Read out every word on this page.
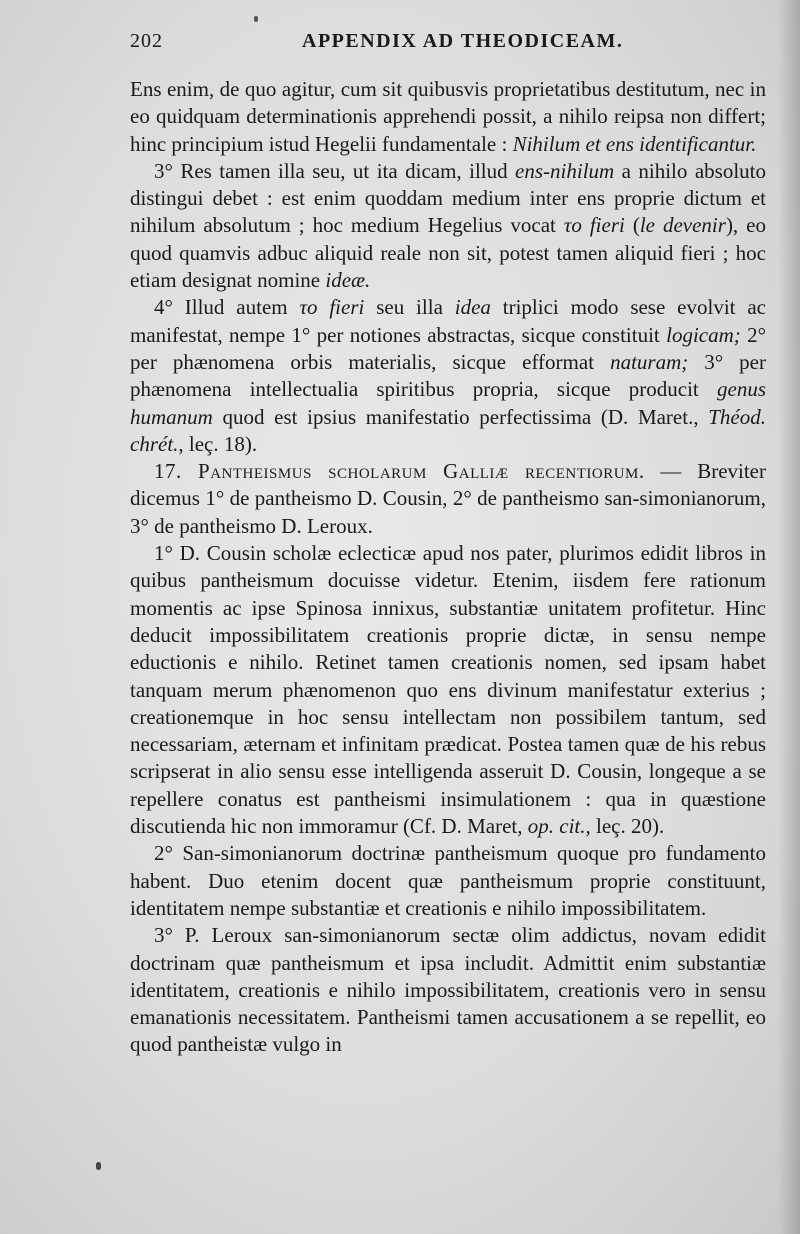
202	APPENDIX AD THEODICEAM.

Ens enim, de quo agitur, cum sit quibusvis proprietatibus destitutum, nec in eo quidquam determinationis apprehendi possit, a nihilo reipsa non differt; hinc principium istud Hegelii fundamentale : Nihilum et ens identificantur.

3° Res tamen illa seu, ut ita dicam, illud ens-nihilum a nihilo absoluto distingui debet : est enim quoddam medium inter ens proprie dictum et nihilum absolutum ; hoc medium Hegelius vocat το fieri (le devenir), eo quod quamvis adbuc aliquid reale non sit, potest tamen aliquid fieri ; hoc etiam designat nomine ideæ.

4° Illud autem το fieri seu illa idea triplici modo sese evolvit ac manifestat, nempe 1° per notiones abstractas, sicque constituit logicam; 2° per phænomena orbis materialis, sicque efformat naturam; 3° per phænomena intellectualia spiritibus propria, sicque producit genus humanum quod est ipsius manifestatio perfectissima (D. Maret., Théod. chrét., leç. 18).

17. Pantheismus scholarum Galliæ recentiorum. — Breviter dicemus 1° de pantheismo D. Cousin, 2° de pantheismo san-simonianorum, 3° de pantheismo D. Leroux.

1° D. Cousin scholæ eclecticæ apud nos pater, plurimos edidit libros in quibus pantheismum docuisse videtur. Etenim, iisdem fere rationum momentis ac ipse Spinosa innixus, substantiæ unitatem profitetur. Hinc deducit impossibilitatem creationis proprie dictæ, in sensu nempe eductionis e nihilo. Retinet tamen creationis nomen, sed ipsam habet tanquam merum phænomenon quo ens divinum manifestatur exterius ; creationemque in hoc sensu intellectam non possibilem tantum, sed necessariam, æternam et infinitam prædicat. Postea tamen quæ de his rebus scripserat in alio sensu esse intelligenda asseruit D. Cousin, longeque a se repellere conatus est pantheismi insimulationem : qua in quæstione discutienda hic non immoramur (Cf. D. Maret, op. cit., leç. 20).

2° San-simonianorum doctrinæ pantheismum quoque pro fundamento habent. Duo etenim docent quæ pantheismum proprie constituunt, identitatem nempe substantiæ et creationis e nihilo impossibilitatem.

3° P. Leroux san-simonianorum sectæ olim addictus, novam edidit doctrinam quæ pantheismum et ipsa includit. Admittit enim substantiæ identitatem, creationis e nihilo impossibilitatem, creationis vero in sensu emanationis necessitatem. Pantheismi tamen accusationem a se repellit, eo quod pantheistæ vulgo in
